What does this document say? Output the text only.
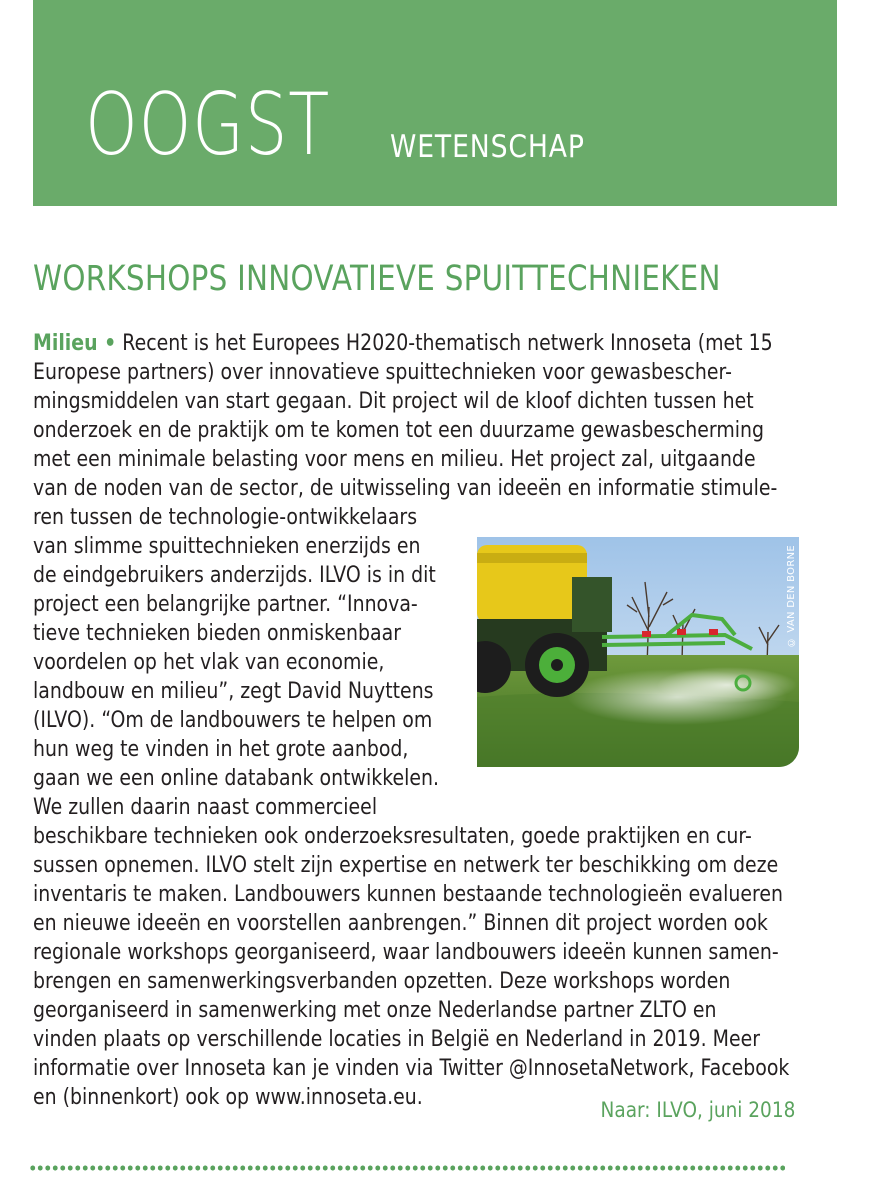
OOGST WETENSCHAP
WORKSHOPS INNOVATIEVE SPUITTECHNIEKEN
Milieu • Recent is het Europees H2020-thematisch netwerk Innoseta (met 15
Europese partners) over innovatieve spuittechnieken voor gewasbescher-
mingsmiddelen van start gegaan. Dit project wil de kloof dichten tussen het
onderzoek en de praktijk om te komen tot een duurzame gewasbescherming
met een minimale belasting voor mens en milieu. Het project zal, uitgaande
van de noden van de sector, de uitwisseling van ideeën en informatie stimule-
ren tussen de technologie-ontwikkelaars
van slimme spuittechnieken enerzijds en
de eindgebruikers anderzijds. ILVO is in dit
project een belangrijke partner. “Innova-
tieve technieken bieden onmiskenbaar
voordelen op het vlak van economie,
landbouw en milieu”, zegt David Nuyttens
(ILVO). “Om de landbouwers te helpen om
hun weg te vinden in het grote aanbod,
gaan we een online databank ontwikkelen.
We zullen daarin naast commercieel
beschikbare technieken ook onderzoeksresultaten, goede praktijken en cur-
sussen opnemen. ILVO stelt zijn expertise en netwerk ter beschikking om deze
inventaris te maken. Landbouwers kunnen bestaande technologieën evalueren
en nieuwe ideeën en voorstellen aanbrengen.” Binnen dit project worden ook
regionale workshops georganiseerd, waar landbouwers ideeën kunnen samen-
brengen en samenwerkingsverbanden opzetten. Deze workshops worden
georganiseerd in samenwerking met onze Nederlandse partner ZLTO en
vinden plaats op verschillende locaties in België en Nederland in 2019. Meer
informatie over Innoseta kan je vinden via Twitter @InnosetaNetwork, Facebook
en (binnenkort) ook op www.innoseta.eu.
© VAN DEN BORNE
Naar: ILVO, juni 2018
